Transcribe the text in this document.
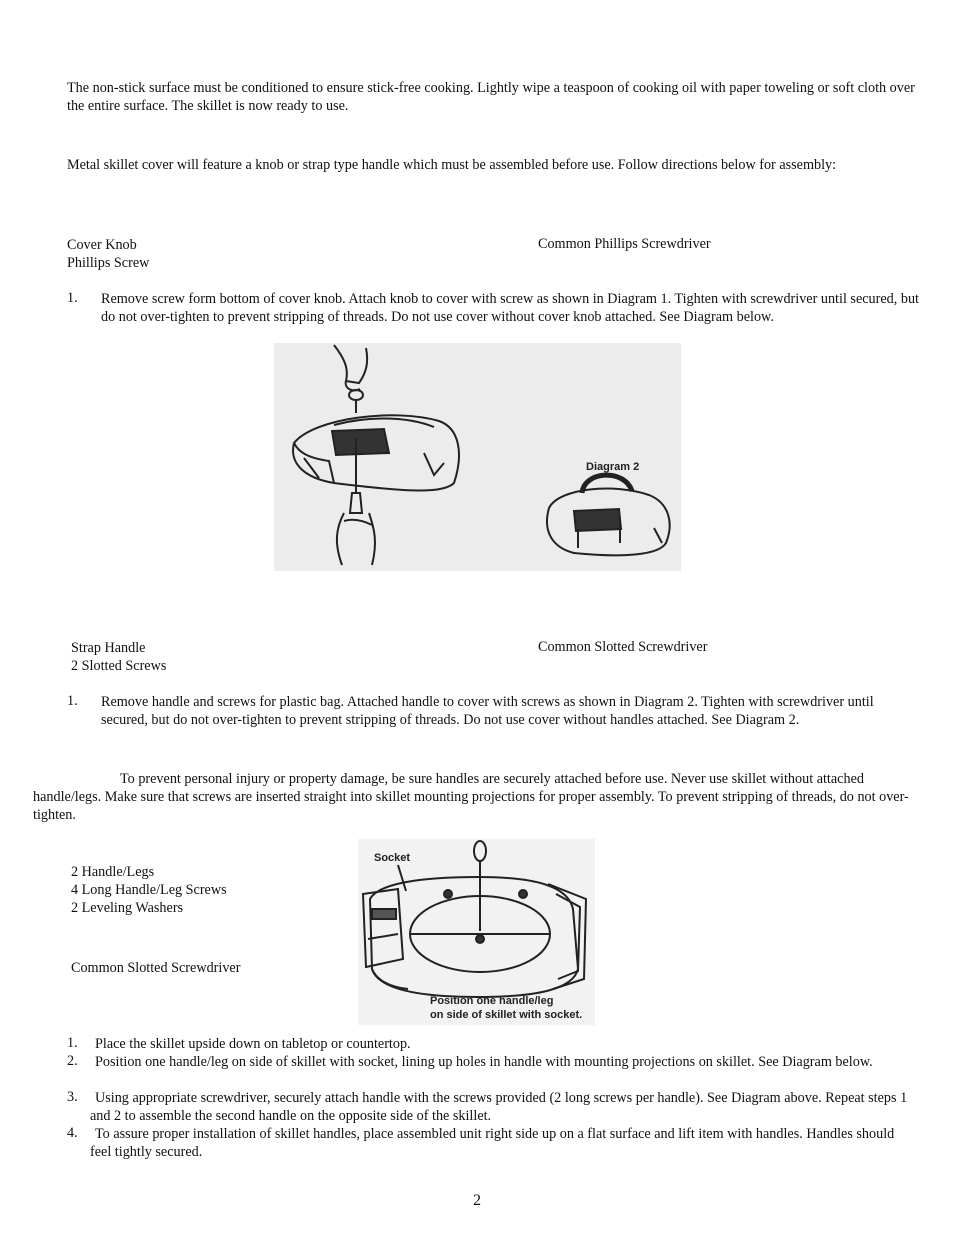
The non-stick surface must be conditioned to ensure stick-free cooking. Lightly wipe a teaspoon of cooking oil with paper toweling or soft cloth over the entire surface. The skillet is now ready to use.
Metal skillet cover will feature a knob or strap type handle which must be assembled before use. Follow directions below for assembly:
Cover Knob
Phillips Screw
Common Phillips Screwdriver
1. Remove screw form bottom of cover knob. Attach knob to cover with screw as shown in Diagram 1. Tighten with screwdriver until secured, but do not over-tighten to prevent stripping of threads. Do not use cover without cover knob attached. See Diagram below.
Diagram 2
Strap Handle
2 Slotted Screws
Common Slotted Screwdriver
1. Remove handle and screws for plastic bag. Attached handle to cover with screws as shown in Diagram 2. Tighten with screwdriver until secured, but do not over-tighten to prevent stripping of threads. Do not use cover without handles attached. See Diagram 2.
To prevent personal injury or property damage, be sure handles are securely attached before use. Never use skillet without attached handle/legs. Make sure that screws are inserted straight into skillet mounting projections for proper assembly. To prevent stripping of threads, do not over-tighten.
2 Handle/Legs
4 Long Handle/Leg Screws
2 Leveling Washers
Common Slotted Screwdriver
Socket
Position one handle/leg
on side of skillet with socket.
1.	Place the skillet upside down on tabletop or countertop.
2.	Position one handle/leg on side of skillet with socket, lining up holes in handle with mounting projections on skillet. See Diagram below.
3.	Using appropriate screwdriver, securely attach handle with the screws provided (2 long screws per handle). See Diagram above. Repeat steps 1 and 2 to assemble the second handle on the opposite side of the skillet.
4.	To assure proper installation of skillet handles, place assembled unit right side up on a flat surface and lift item with handles. Handles should feel tightly secured.
2
